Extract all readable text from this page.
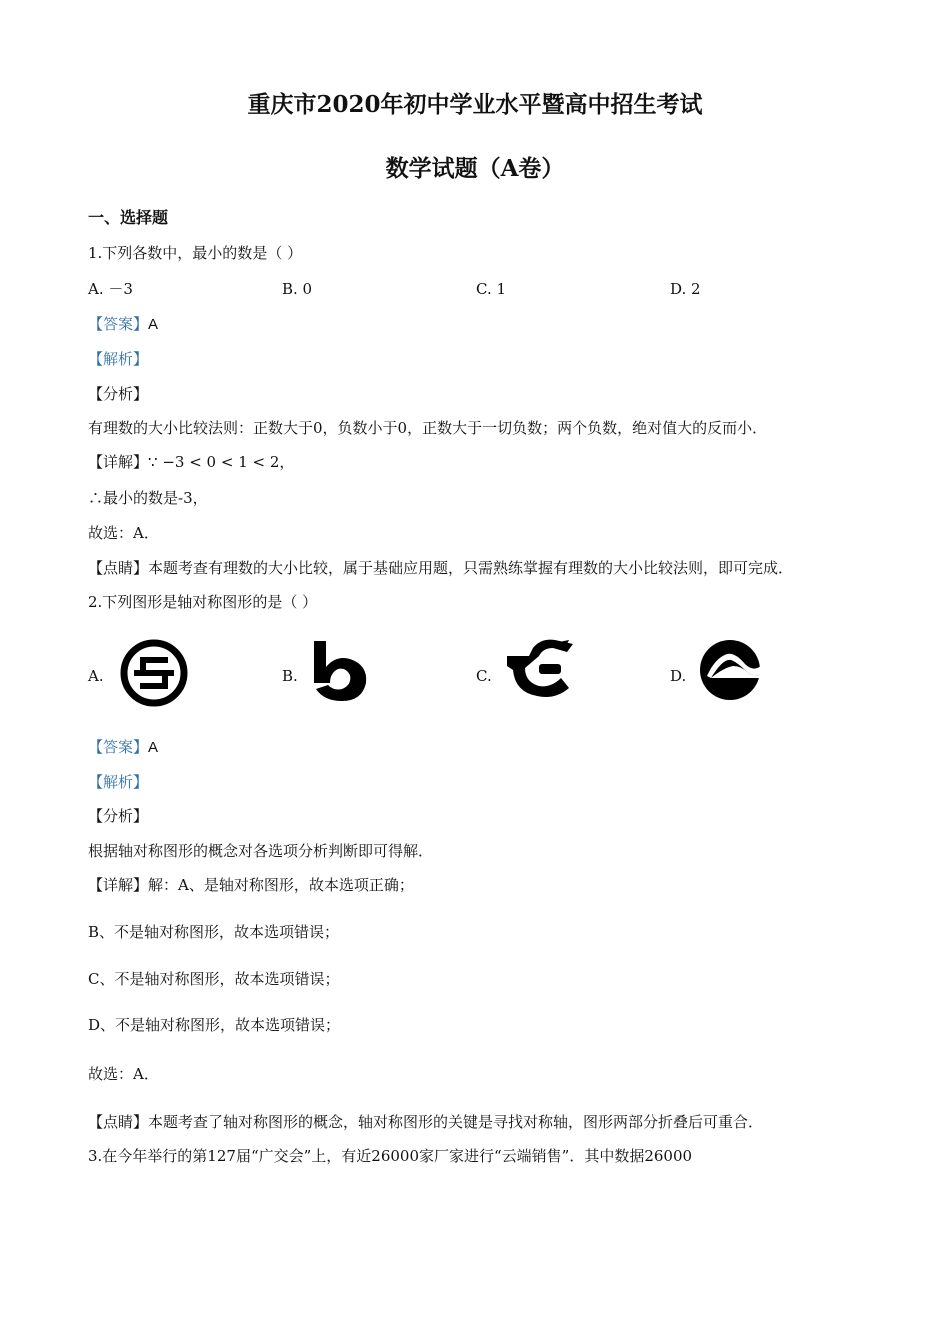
重庆市2020年初中学业水平暨高中招生考试
数学试题（A卷）
一、选择题
1.下列各数中，最小的数是（ ）
A. －3	B. 0	C. 1	D. 2
【答案】A
【解析】
【分析】
有理数的大小比较法则：正数大于0，负数小于0，正数大于一切负数；两个负数，绝对值大的反而小．
【详解】∵ −3 < 0 < 1 < 2，
∴最小的数是-3，
故选：A．
【点睛】本题考查有理数的大小比较，属于基础应用题，只需熟练掌握有理数的大小比较法则，即可完成．
2.下列图形是轴对称图形的是（ ）
A.	B.	C.	D.
【答案】A
【解析】
【分析】
根据轴对称图形的概念对各选项分析判断即可得解．
【详解】解：A、是轴对称图形，故本选项正确；
B、不是轴对称图形，故本选项错误；
C、不是轴对称图形，故本选项错误；
D、不是轴对称图形，故本选项错误；
故选：A．
【点睛】本题考查了轴对称图形的概念，轴对称图形的关键是寻找对称轴，图形两部分折叠后可重合．
3.在今年举行的第127届“广交会”上，有近26000家厂家进行“云端销售”．其中数据26000
